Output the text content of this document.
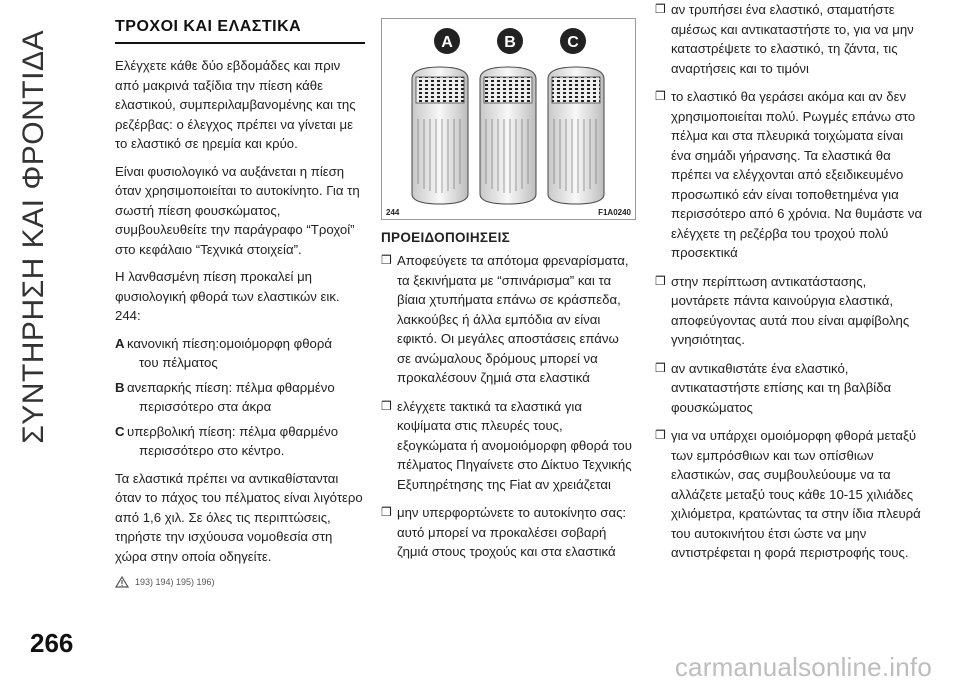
ΣΥΝΤΗΡΗΣΗ ΚΑΙ ΦΡΟΝΤΙΔΑ
ΤΡΟΧΟΙ ΚΑΙ ΕΛΑΣΤΙΚΑ

Ελέγχετε κάθε δύο εβδομάδες και πριν από μακρινά ταξίδια την πίεση κάθε ελαστικού, συμπεριλαμβανομένης και της ρεζέρβας: ο έλεγχος πρέπει να γίνεται με το ελαστικό σε ηρεμία και κρύο.

Είναι φυσιολογικό να αυξάνεται η πίεση όταν χρησιμοποιείται το αυτοκίνητο. Για τη σωστή πίεση φουσκώματος, συμβουλευθείτε την παράγραφο “Τροχοί” στο κεφάλαιο “Τεχνικά στοιχεία”.

Η λανθασμένη πίεση προκαλεί μη φυσιολογική φθορά των ελαστικών εικ. 244:

A κανονική πίεση:ομοιόμορφη φθορά
του πέλματος
B ανεπαρκής πίεση: πέλμα φθαρμένο
περισσότερο στα άκρα
C υπερβολική πίεση: πέλμα φθαρμένο
περισσότερο στο κέντρο.

Τα ελαστικά πρέπει να αντικαθίστανται όταν το πάχος του πέλματος είναι λιγότερο από 1,6 χιλ. Σε όλες τις περιπτώσεις, τηρήστε την ισχύουσα νομοθεσία στη χώρα στην οποία οδηγείτε.

193) 194) 195) 196)
A	B	C
244	F1A0240
ΠΡΟΕΙΔΟΠΟΙΗΣΕΙΣ
❒ Αποφεύγετε τα απότομα φρεναρίσματα, τα ξεκινήματα με “σπινάρισμα” και τα βίαια χτυπήματα επάνω σε κράσπεδα, λακκούβες ή άλλα εμπόδια αν είναι εφικτό. Οι μεγάλες αποστάσεις επάνω σε ανώμαλους δρόμους μπορεί να προκαλέσουν ζημιά στα ελαστικά
❒ ελέγχετε τακτικά τα ελαστικά για κοψίματα στις πλευρές τους, εξογκώματα ή ανομοιόμορφη φθορά του πέλματος Πηγαίνετε στο Δίκτυο Τεχνικής Εξυπηρέτησης της Fiat αν χρειάζεται
❒ μην υπερφορτώνετε το αυτοκίνητο σας: αυτό μπορεί να προκαλέσει σοβαρή ζημιά στους τροχούς και στα ελαστικά
❒ αν τρυπήσει ένα ελαστικό, σταματήστε αμέσως και αντικαταστήστε το, για να μην καταστρέψετε το ελαστικό, τη ζάντα, τις αναρτήσεις και το τιμόνι
❒ το ελαστικό θα γεράσει ακόμα και αν δεν χρησιμοποιείται πολύ. Ρωγμές επάνω στο πέλμα και στα πλευρικά τοιχώματα είναι ένα σημάδι γήρανσης. Τα ελαστικά θα πρέπει να ελέγχονται από εξειδικευμένο προσωπικό εάν είναι τοποθετημένα για περισσότερο από 6 χρόνια. Να θυμάστε να ελέγχετε τη ρεζέρβα του τροχού πολύ προσεκτικά
❒ στην περίπτωση αντικατάστασης, μοντάρετε πάντα καινούργια ελαστικά, αποφεύγοντας αυτά που είναι αμφίβολης γνησιότητας.
❒ αν αντικαθιστάτε ένα ελαστικό, αντικαταστήστε επίσης και τη βαλβίδα φουσκώματος
❒ για να υπάρχει ομοιόμορφη φθορά μεταξύ των εμπρόσθιων και των οπίσθιων ελαστικών, σας συμβουλεύουμε να τα αλλάζετε μεταξύ τους κάθε 10-15 χιλιάδες χιλιόμετρα, κρατώντας τα στην ίδια πλευρά του αυτοκινήτου έτσι ώστε να μην αντιστρέφεται η φορά περιστροφής τους.
266
carmanualsonline.info
